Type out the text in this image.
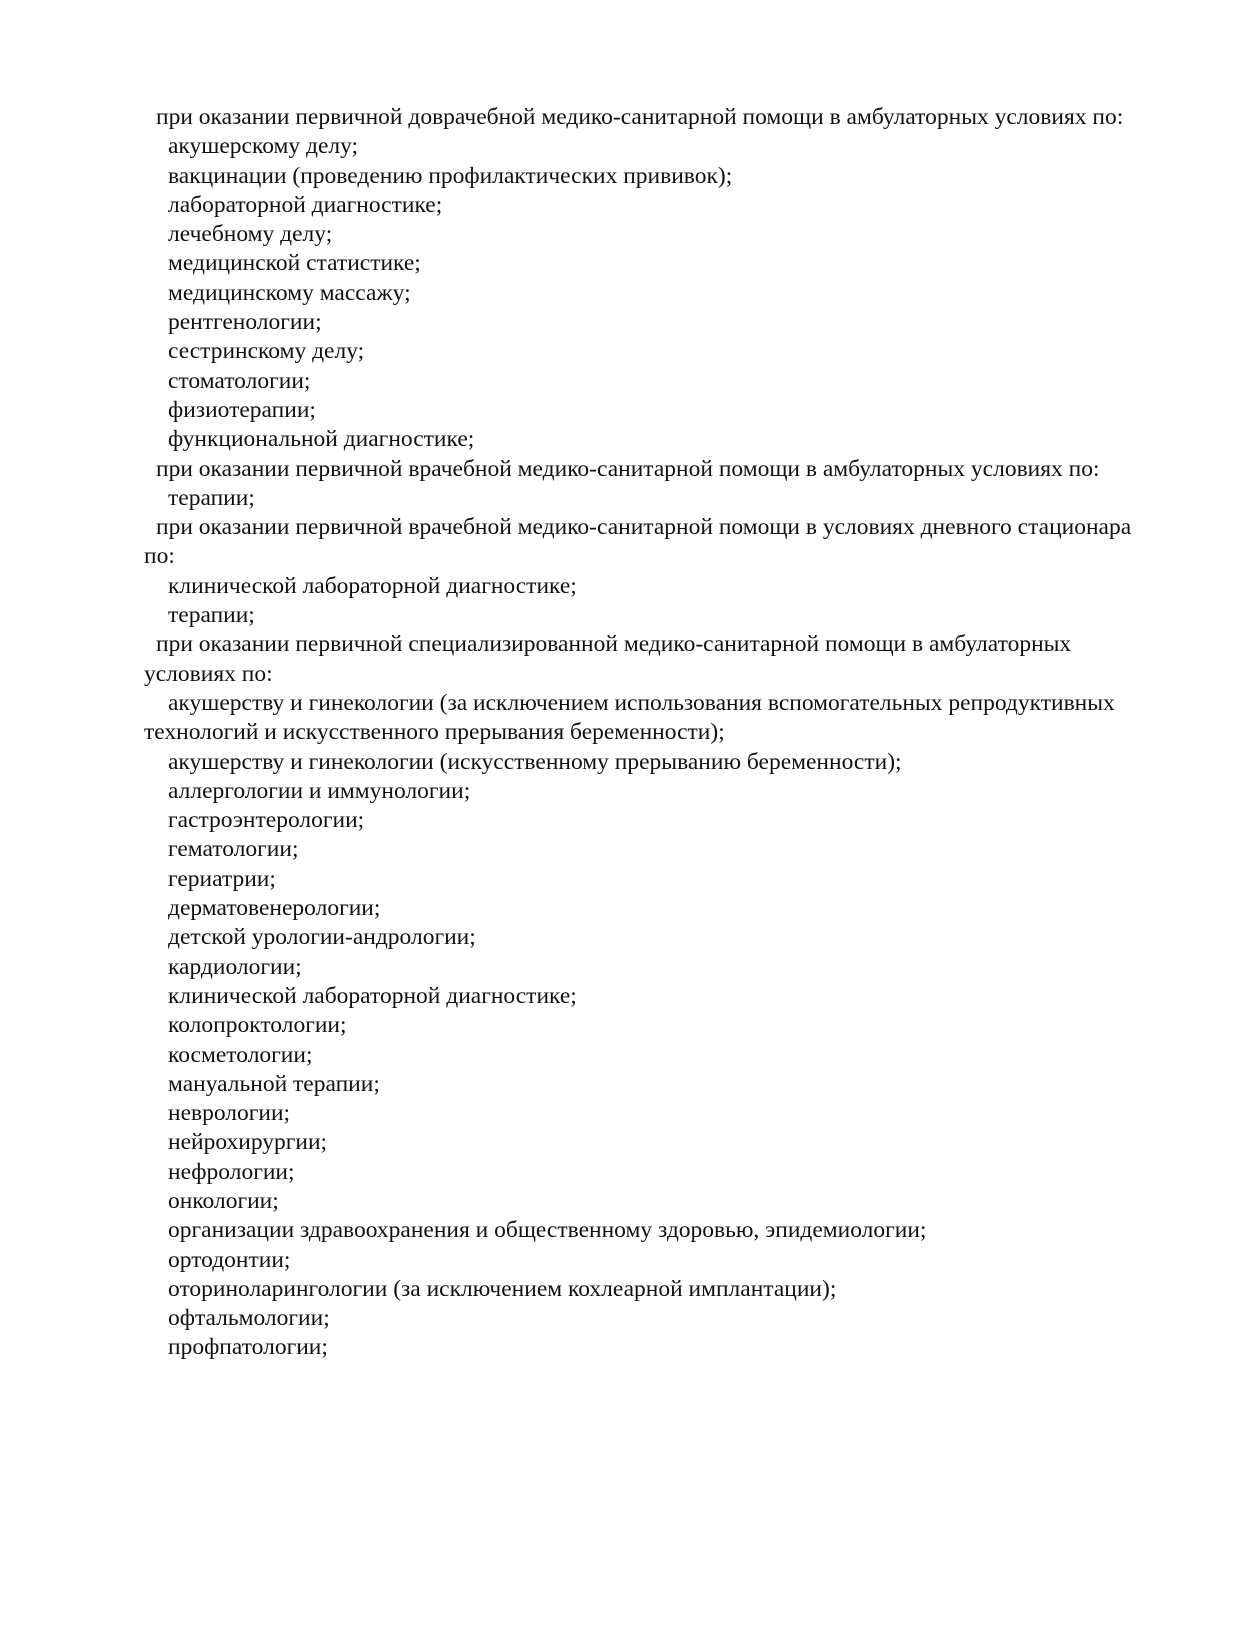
при оказании первичной доврачебной медико-санитарной помощи в амбулаторных условиях по:

акушерскому делу;

вакцинации (проведению профилактических прививок);

лабораторной диагностике;

лечебному делу;

медицинской статистике;

медицинскому массажу;

рентгенологии;

сестринскому делу;

стоматологии;

физиотерапии;

функциональной диагностике;

при оказании первичной врачебной медико-санитарной помощи в амбулаторных условиях по:

терапии;

при оказании первичной врачебной медико-санитарной помощи в условиях дневного стационара по:

клинической лабораторной диагностике;

терапии;

при оказании первичной специализированной медико-санитарной помощи в амбулаторных условиях по:

акушерству и гинекологии (за исключением использования вспомогательных репродуктивных технологий и искусственного прерывания беременности);

акушерству и гинекологии (искусственному прерыванию беременности);

аллергологии и иммунологии;

гастроэнтерологии;

гематологии;

гериатрии;

дерматовенерологии;

детской урологии-андрологии;

кардиологии;

клинической лабораторной диагностике;

колопроктологии;

косметологии;

мануальной терапии;

неврологии;

нейрохирургии;

нефрологии;

онкологии;

организации здравоохранения и общественному здоровью, эпидемиологии;

ортодонтии;

оториноларингологии (за исключением кохлеарной имплантации);

офтальмологии;

профпатологии;
